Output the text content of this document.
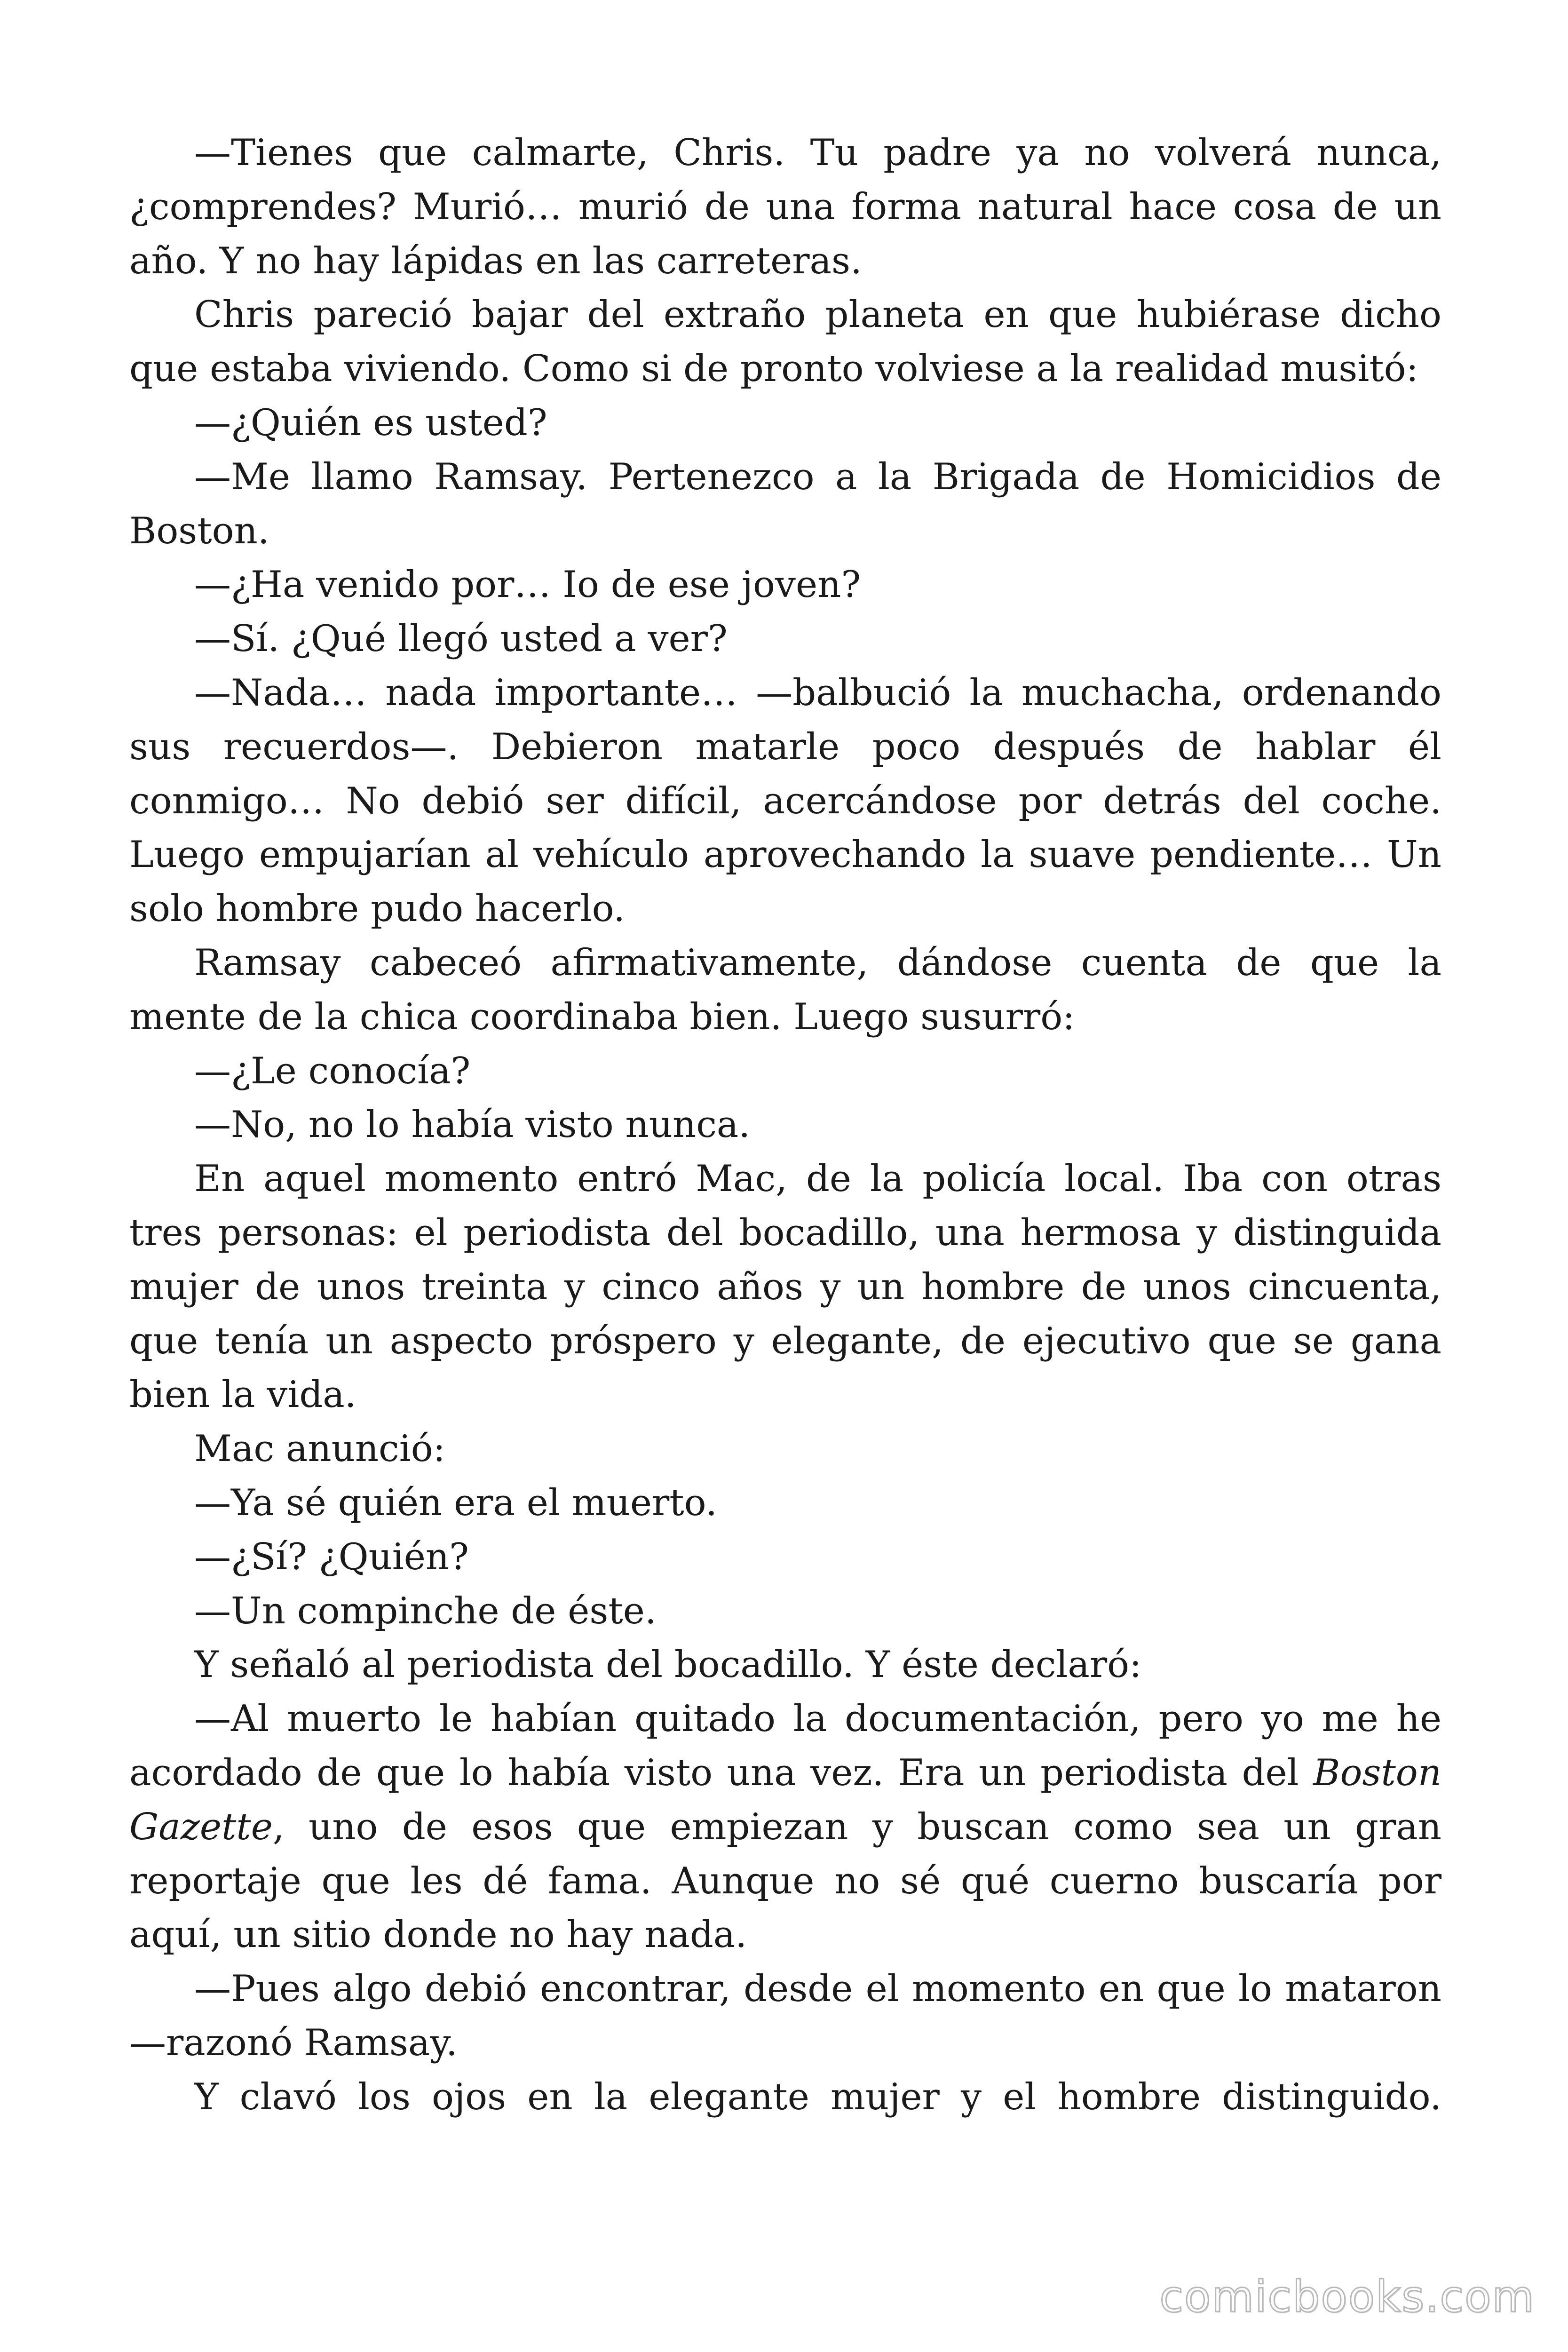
—Tienes que calmarte, Chris. Tu padre ya no volverá nunca, ¿comprendes? Murió… murió de una forma natural hace cosa de un año. Y no hay lápidas en las carreteras.

Chris pareció bajar del extraño planeta en que hubiérase dicho que estaba viviendo. Como si de pronto volviese a la realidad musitó:

—¿Quién es usted?

—Me llamo Ramsay. Pertenezco a la Brigada de Homicidios de Boston.

—¿Ha venido por… Io de ese joven?

—Sí. ¿Qué llegó usted a ver?

—Nada… nada importante… —balbució la muchacha, ordenando sus recuerdos—. Debieron matarle poco después de hablar él conmigo… No debió ser difícil, acercándose por detrás del coche. Luego empujarían al vehículo aprovechando la suave pendiente… Un solo hombre pudo hacerlo.

Ramsay cabeceó afirmativamente, dándose cuenta de que la mente de la chica coordinaba bien. Luego susurró:

—¿Le conocía?

—No, no lo había visto nunca.

En aquel momento entró Mac, de la policía local. Iba con otras tres personas: el periodista del bocadillo, una hermosa y distinguida mujer de unos treinta y cinco años y un hombre de unos cincuenta, que tenía un aspecto próspero y elegante, de ejecutivo que se gana bien la vida.

Mac anunció:

—Ya sé quién era el muerto.

—¿Sí? ¿Quién?

—Un compinche de éste.

Y señaló al periodista del bocadillo. Y éste declaró:

—Al muerto le habían quitado la documentación, pero yo me he acordado de que lo había visto una vez. Era un periodista del Boston Gazette, uno de esos que empiezan y buscan como sea un gran reportaje que les dé fama. Aunque no sé qué cuerno buscaría por aquí, un sitio donde no hay nada.

—Pues algo debió encontrar, desde el momento en que lo mataron —razonó Ramsay.

Y clavó los ojos en la elegante mujer y el hombre distinguido.

comicbooks.com
